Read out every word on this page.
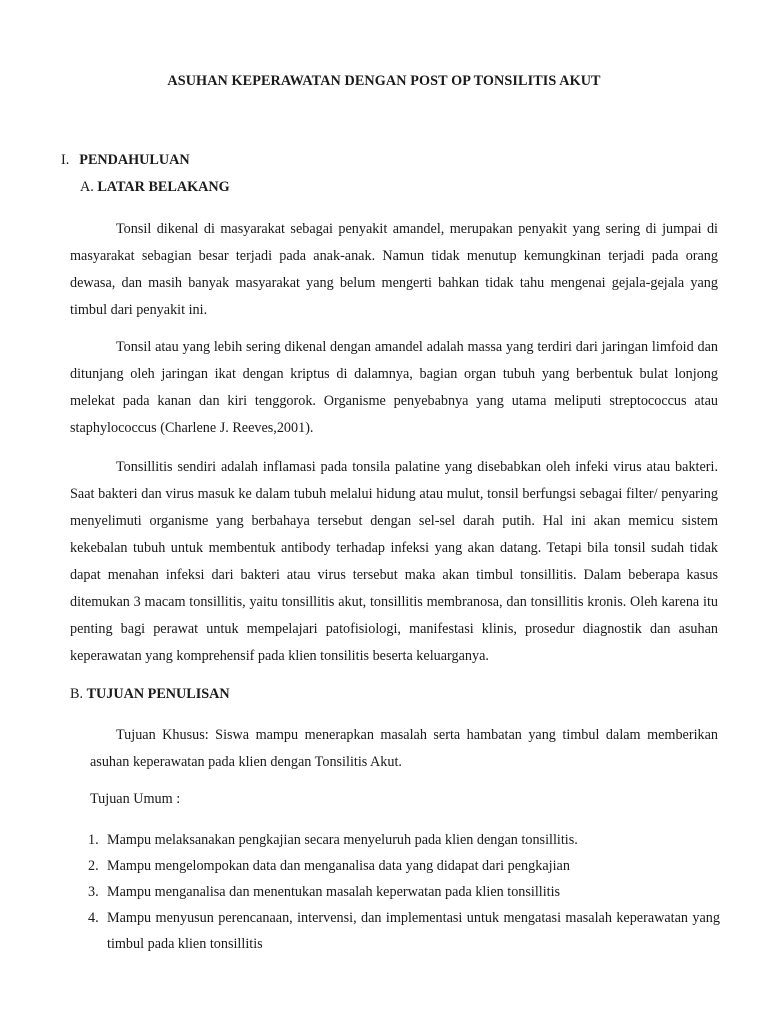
ASUHAN KEPERAWATAN DENGAN POST OP TONSILITIS AKUT
I. PENDAHULUAN
A. LATAR BELAKANG

Tonsil dikenal di masyarakat sebagai penyakit amandel, merupakan penyakit yang sering di jumpai di masyarakat sebagian besar terjadi pada anak-anak. Namun tidak menutup kemungkinan terjadi pada orang dewasa, dan masih banyak masyarakat yang belum mengerti bahkan tidak tahu mengenai gejala-gejala yang timbul dari penyakit ini.

Tonsil atau yang lebih sering dikenal dengan amandel adalah massa yang terdiri dari jaringan limfoid dan ditunjang oleh jaringan ikat dengan kriptus di dalamnya, bagian organ tubuh yang berbentuk bulat lonjong melekat pada kanan dan kiri tenggorok. Organisme penyebabnya yang utama meliputi streptococcus atau staphylococcus (Charlene J. Reeves,2001).

Tonsillitis sendiri adalah inflamasi pada tonsila palatine yang disebabkan oleh infeki virus atau bakteri. Saat bakteri dan virus masuk ke dalam tubuh melalui hidung atau mulut, tonsil berfungsi sebagai filter/ penyaring menyelimuti organisme yang berbahaya tersebut dengan sel-sel darah putih. Hal ini akan memicu sistem kekebalan tubuh untuk membentuk antibody terhadap infeksi yang akan datang. Tetapi bila tonsil sudah tidak dapat menahan infeksi dari bakteri atau virus tersebut maka akan timbul tonsillitis. Dalam beberapa kasus ditemukan 3 macam tonsillitis, yaitu tonsillitis akut, tonsillitis membranosa, dan tonsillitis kronis. Oleh karena itu penting bagi perawat untuk mempelajari patofisiologi, manifestasi klinis, prosedur diagnostik dan asuhan keperawatan yang komprehensif pada klien tonsilitis beserta keluarganya.

B. TUJUAN PENULISAN

Tujuan Khusus: Siswa mampu menerapkan masalah serta hambatan yang timbul dalam memberikan asuhan keperawatan pada klien dengan Tonsilitis Akut.

Tujuan Umum :
1. Mampu melaksanakan pengkajian secara menyeluruh pada klien dengan tonsillitis.
2. Mampu mengelompokan data dan menganalisa data yang didapat dari pengkajian
3. Mampu menganalisa dan menentukan masalah keperwatan pada klien tonsillitis
4. Mampu menyusun perencanaan, intervensi, dan implementasi untuk mengatasi masalah keperawatan yang timbul pada klien tonsillitis
